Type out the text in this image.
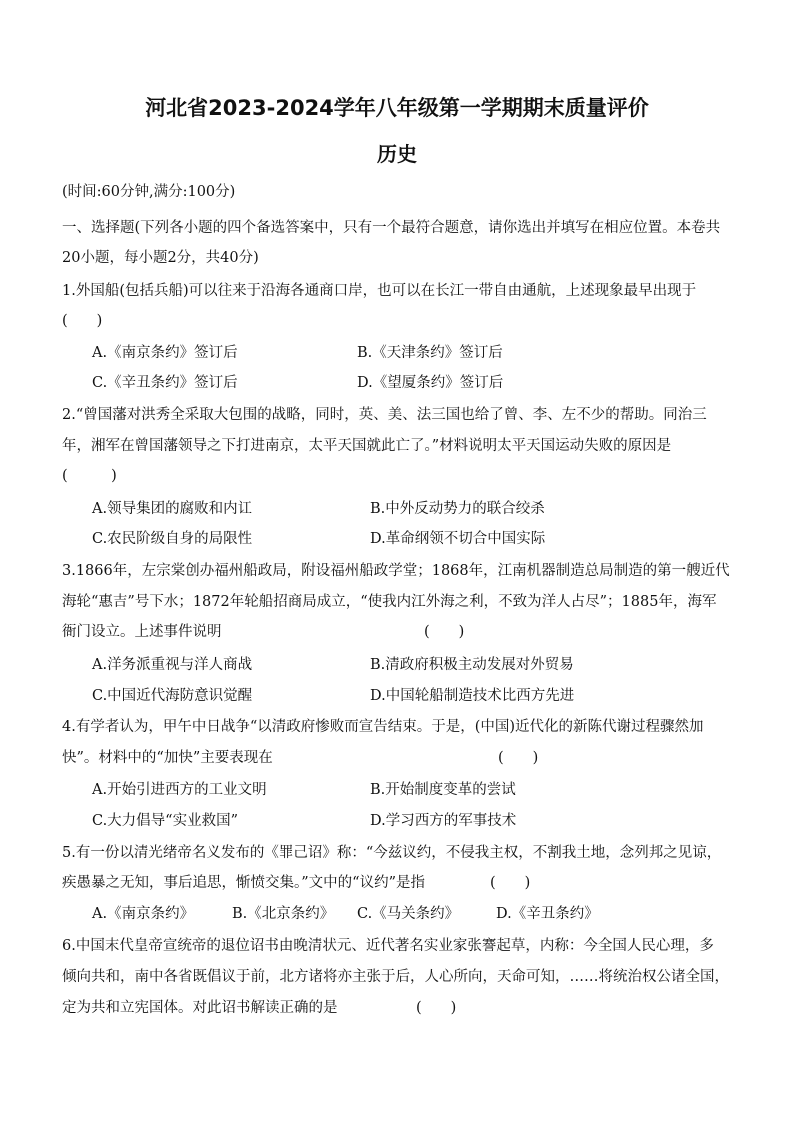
河北省2023-2024学年八年级第一学期期末质量评价
历史
(时间:60分钟,满分:100分)
一、选择题(下列各小题的四个备选答案中，只有一个最符合题意，请你选出并填写在相应位置。本卷共
20小题，每小题2分，共40分)
1.外国船(包括兵船)可以往来于沿海各通商口岸，也可以在长江一带自由通航，上述现象最早出现于
(　　)
A.《南京条约》签订后	B.《天津条约》签订后
C.《辛丑条约》签订后	D.《望厦条约》签订后
2.“曾国藩对洪秀全采取大包围的战略，同时，英、美、法三国也给了曾、李、左不少的帮助。同治三
年，湘军在曾国藩领导之下打进南京，太平天国就此亡了。”材料说明太平天国运动失败的原因是
(　　　)
A.领导集团的腐败和内讧	B.中外反动势力的联合绞杀
C.农民阶级自身的局限性	D.革命纲领不切合中国实际
3.1866年，左宗棠创办福州船政局，附设福州船政学堂；1868年，江南机器制造总局制造的第一艘近代
海轮“惠吉”号下水；1872年轮船招商局成立，“使我内江外海之利，不致为洋人占尽”；1885年，海军
衙门设立。上述事件说明	(　　)
A.洋务派重视与洋人商战	B.清政府积极主动发展对外贸易
C.中国近代海防意识觉醒	D.中国轮船制造技术比西方先进
4.有学者认为，甲午中日战争“以清政府惨败而宣告结束。于是，(中国)近代化的新陈代谢过程骤然加
快”。材料中的“加快”主要表现在	(　　)
A.开始引进西方的工业文明	B.开始制度变革的尝试
C.大力倡导“实业救国”	D.学习西方的军事技术
5.有一份以清光绪帝名义发布的《罪己诏》称：“今兹议约，不侵我主权，不割我土地，念列邦之见谅，
疾愚暴之无知，事后追思，惭愤交集。”文中的“议约”是指	(　　)
A.《南京条约》	B.《北京条约》 C.《马关条约》	D.《辛丑条约》
6.中国末代皇帝宣统帝的退位诏书由晚清状元、近代著名实业家张謇起草，内称：今全国人民心理，多
倾向共和，南中各省既倡议于前，北方诸将亦主张于后，人心所向，天命可知，……将统治权公诸全国，
定为共和立宪国体。对此诏书解读正确的是	(　　)
